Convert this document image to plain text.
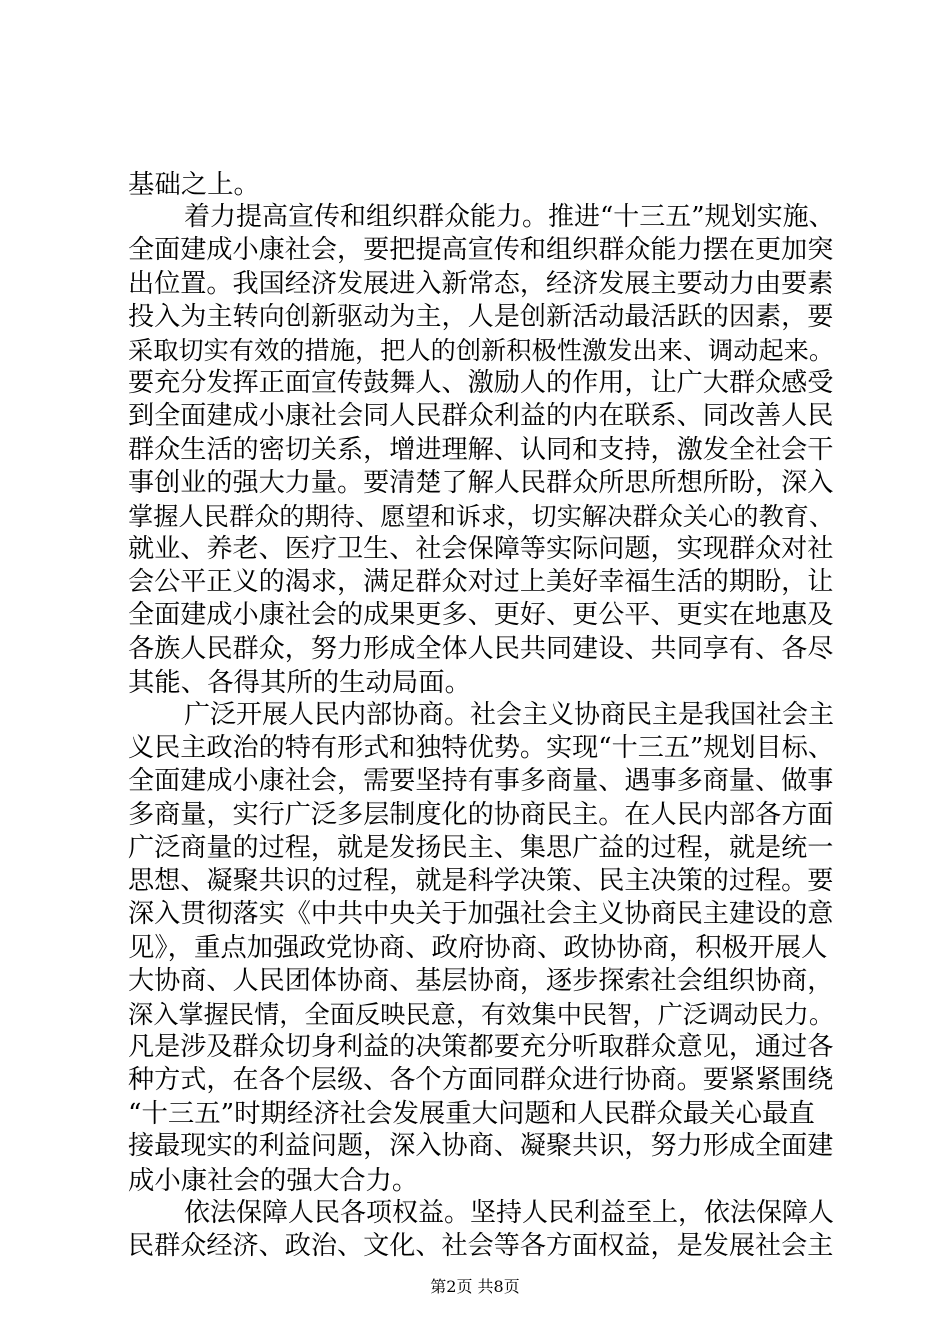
基础之上。
着力提高宣传和组织群众能力。推进“十三五”规划实施、
全面建成小康社会，要把提高宣传和组织群众能力摆在更加突
出位置。我国经济发展进入新常态，经济发展主要动力由要素
投入为主转向创新驱动为主，人是创新活动最活跃的因素，要
采取切实有效的措施，把人的创新积极性激发出来、调动起来。
要充分发挥正面宣传鼓舞人、激励人的作用，让广大群众感受
到全面建成小康社会同人民群众利益的内在联系、同改善人民
群众生活的密切关系，增进理解、认同和支持，激发全社会干
事创业的强大力量。要清楚了解人民群众所思所想所盼，深入
掌握人民群众的期待、愿望和诉求，切实解决群众关心的教育、
就业、养老、医疗卫生、社会保障等实际问题，实现群众对社
会公平正义的渴求，满足群众对过上美好幸福生活的期盼，让
全面建成小康社会的成果更多、更好、更公平、更实在地惠及
各族人民群众，努力形成全体人民共同建设、共同享有、各尽
其能、各得其所的生动局面。
广泛开展人民内部协商。社会主义协商民主是我国社会主
义民主政治的特有形式和独特优势。实现“十三五”规划目标、
全面建成小康社会，需要坚持有事多商量、遇事多商量、做事
多商量，实行广泛多层制度化的协商民主。在人民内部各方面
广泛商量的过程，就是发扬民主、集思广益的过程，就是统一
思想、凝聚共识的过程，就是科学决策、民主决策的过程。要
深入贯彻落实《中共中央关于加强社会主义协商民主建设的意
见》，重点加强政党协商、政府协商、政协协商，积极开展人
大协商、人民团体协商、基层协商，逐步探索社会组织协商，
深入掌握民情，全面反映民意，有效集中民智，广泛调动民力。
凡是涉及群众切身利益的决策都要充分听取群众意见，通过各
种方式，在各个层级、各个方面同群众进行协商。要紧紧围绕
“十三五”时期经济社会发展重大问题和人民群众最关心最直
接最现实的利益问题，深入协商、凝聚共识，努力形成全面建
成小康社会的强大合力。
依法保障人民各项权益。坚持人民利益至上，依法保障人
民群众经济、政治、文化、社会等各方面权益，是发展社会主
第2页 共8页
